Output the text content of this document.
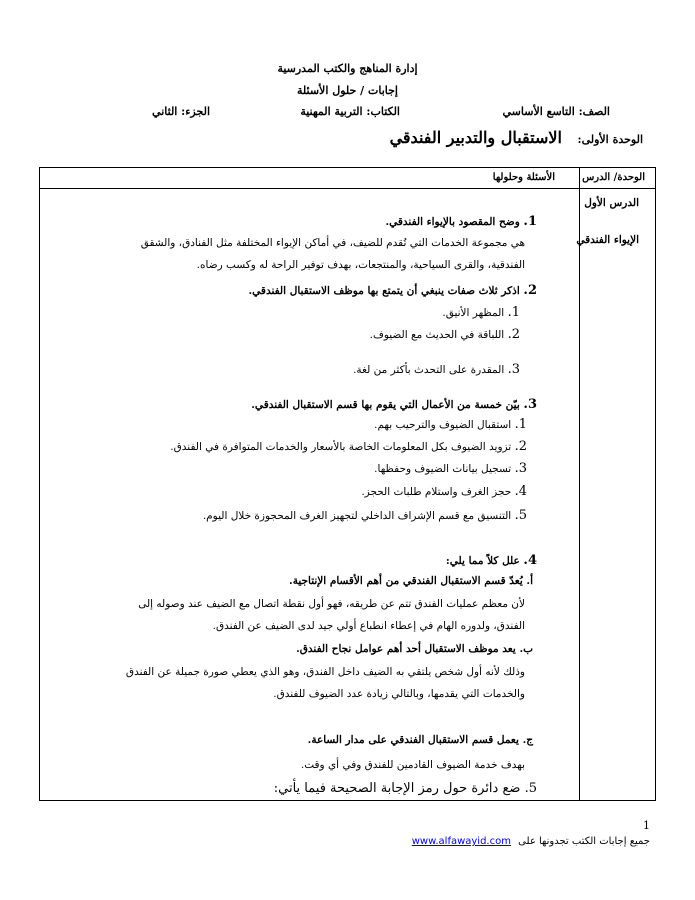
إدارة المناهج والكتب المدرسية
إجابات / حلول الأسئلة
الصف: التاسع الأساسي
الكتاب: التربية المهنية
الجزء: الثاني
الوحدة الأولى: الاستقبال والتدبير الفندقي
الوحدة/ الدرس
الأسئلة وحلولها
الدرس الأول
الإيواء الفندقي
1. وضح المقصود بالإيواء الفندقي.
هي مجموعة الخدمات التي تُقدم للضيف، في أماكن الإيواء المختلفة مثل الفنادق، والشقق
الفندقية، والقرى السياحية، والمنتجعات، بهدف توفير الراحة له وكسب رضاه.
2. اذكر ثلاث صفات ينبغي أن يتمتع بها موظف الاستقبال الفندقي.
1. المظهر الأنيق.
2. اللباقة في الحديث مع الضيوف.
3. المقدرة على التحدث بأكثر من لغة.
3. بيّن خمسة من الأعمال التي يقوم بها قسم الاستقبال الفندقي.
1. استقبال الضيوف والترحيب بهم.
2. تزويد الضيوف بكل المعلومات الخاصة بالأسعار والخدمات المتوافرة في الفندق.
3. تسجيل بيانات الضيوف وحفظها.
4. حجز الغرف واستلام طلبات الحجز.
5. التنسيق مع قسم الإشراف الداخلي لتجهيز الغرف المحجوزة خلال اليوم.
4. علل كلاً مما يلي:
أ. يُعدّ قسم الاستقبال الفندقي من أهم الأقسام الإنتاجية.
لأن معظم عمليات الفندق تتم عن طريقه، فهو أول نقطة اتصال مع الضيف عند وصوله إلى
الفندق، ولدوره الهام في إعطاء انطباع أولي جيد لدى الضيف عن الفندق.
ب. يعد موظف الاستقبال أحد أهم عوامل نجاح الفندق.
وذلك لأنه أول شخص يلتقي به الضيف داخل الفندق، وهو الذي يعطي صورة جميلة عن الفندق
والخدمات التي يقدمها، وبالتالي زيادة عدد الضيوف للفندق.
ج. يعمل قسم الاستقبال الفندقي على مدار الساعة.
بهدف خدمة الضيوف القادمين للفندق وفي أي وقت.
5. ضع دائرة حول رمز الإجابة الصحيحة فيما يأتي:
1
جميع إجابات الكتب تجدونها على www.alfawayid.com
